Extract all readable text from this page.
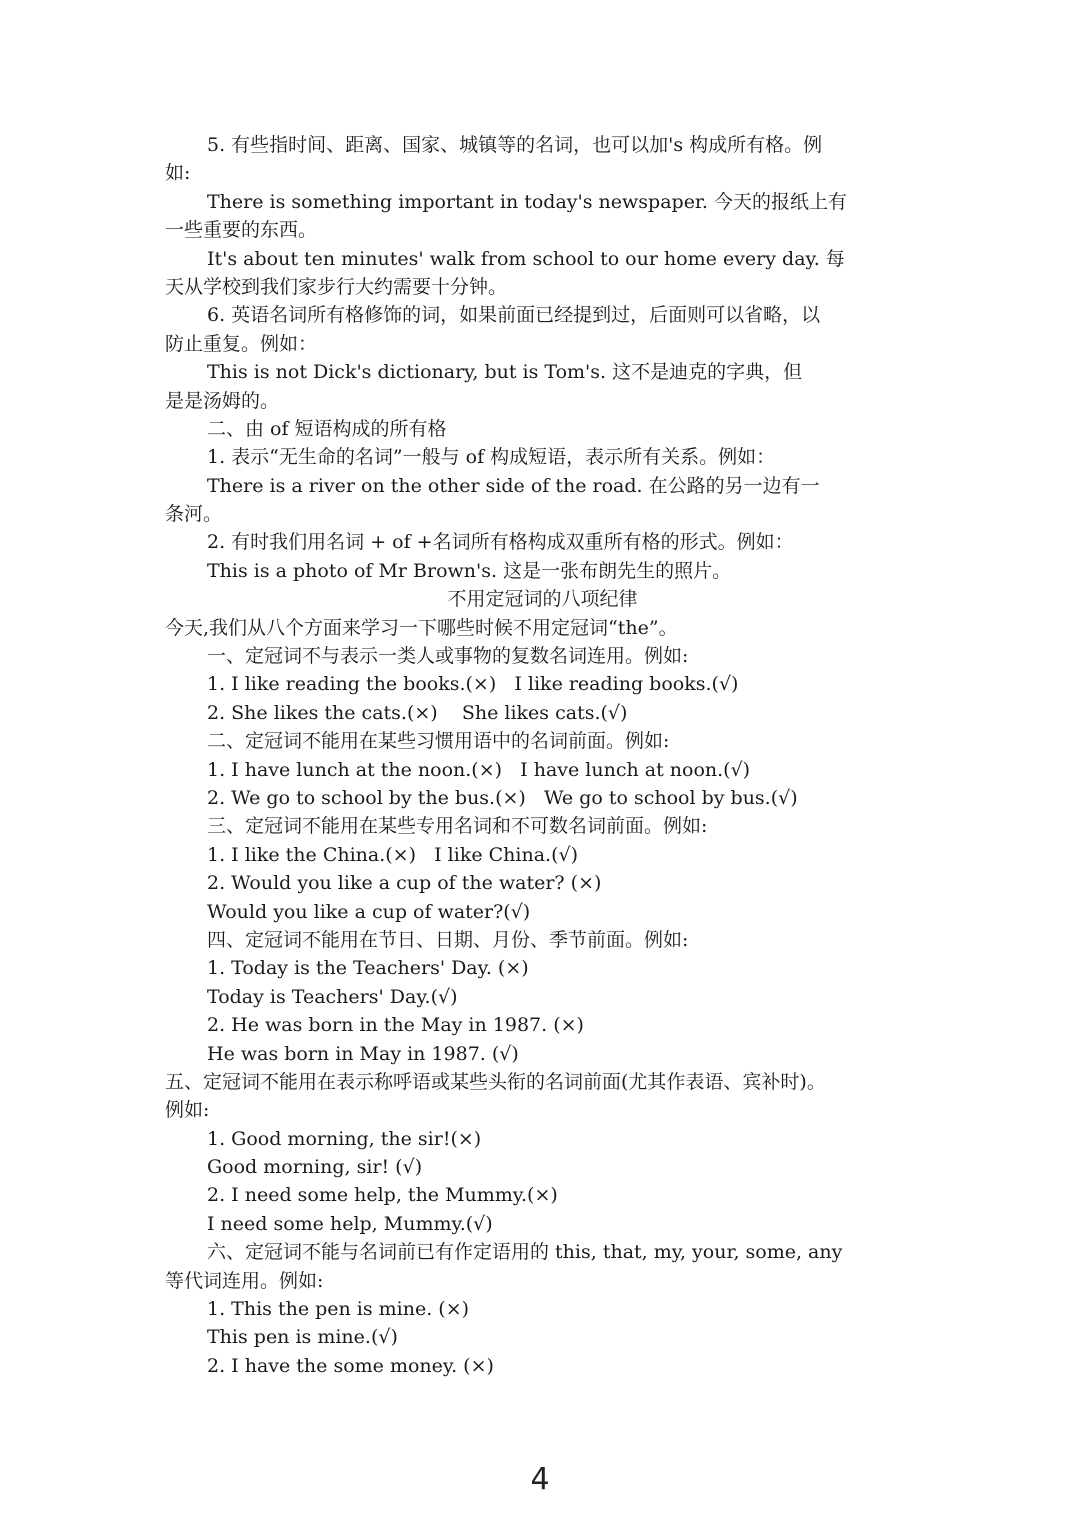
5. 有些指时间、距离、国家、城镇等的名词，也可以加's 构成所有格。例
如:
There is something important in today's newspaper. 今天的报纸上有
一些重要的东西。
It's about ten minutes' walk from school to our home every day. 每
天从学校到我们家步行大约需要十分钟。
6. 英语名词所有格修饰的词，如果前面已经提到过，后面则可以省略，以
防止重复。例如：
This is not Dick's dictionary, but is Tom's. 这不是迪克的字典，但
是是汤姆的。
二、由 of 短语构成的所有格
1. 表示“无生命的名词”一般与 of 构成短语，表示所有关系。例如：
There is a river on the other side of the road. 在公路的另一边有一
条河。
2. 有时我们用名词 + of +名词所有格构成双重所有格的形式。例如：
This is a photo of Mr Brown's. 这是一张布朗先生的照片。
不用定冠词的八项纪律
今天,我们从八个方面来学习一下哪些时候不用定冠词“the”。
一、定冠词不与表示一类人或事物的复数名词连用。例如:
1. I like reading the books.(×)   I like reading books.(√)
2. She likes the cats.(×)    She likes cats.(√)
二、定冠词不能用在某些习惯用语中的名词前面。例如:
1. I have lunch at the noon.(×)   I have lunch at noon.(√)
2. We go to school by the bus.(×)   We go to school by bus.(√)
三、定冠词不能用在某些专用名词和不可数名词前面。例如:
1. I like the China.(×)   I like China.(√)
2. Would you like a cup of the water? (×)
Would you like a cup of water?(√)
四、定冠词不能用在节日、日期、月份、季节前面。例如:
1. Today is the Teachers' Day. (×)
Today is Teachers' Day.(√)
2. He was born in the May in 1987. (×)
He was born in May in 1987. (√)
五、定冠词不能用在表示称呼语或某些头衔的名词前面(尤其作表语、宾补时)。
例如:
1. Good morning, the sir!(×)
Good morning, sir! (√)
2. I need some help, the Mummy.(×)
I need some help, Mummy.(√)
六、定冠词不能与名词前已有作定语用的 this, that, my, your, some, any
等代词连用。例如:
1. This the pen is mine. (×)
This pen is mine.(√)
2. I have the some money. (×)
4
